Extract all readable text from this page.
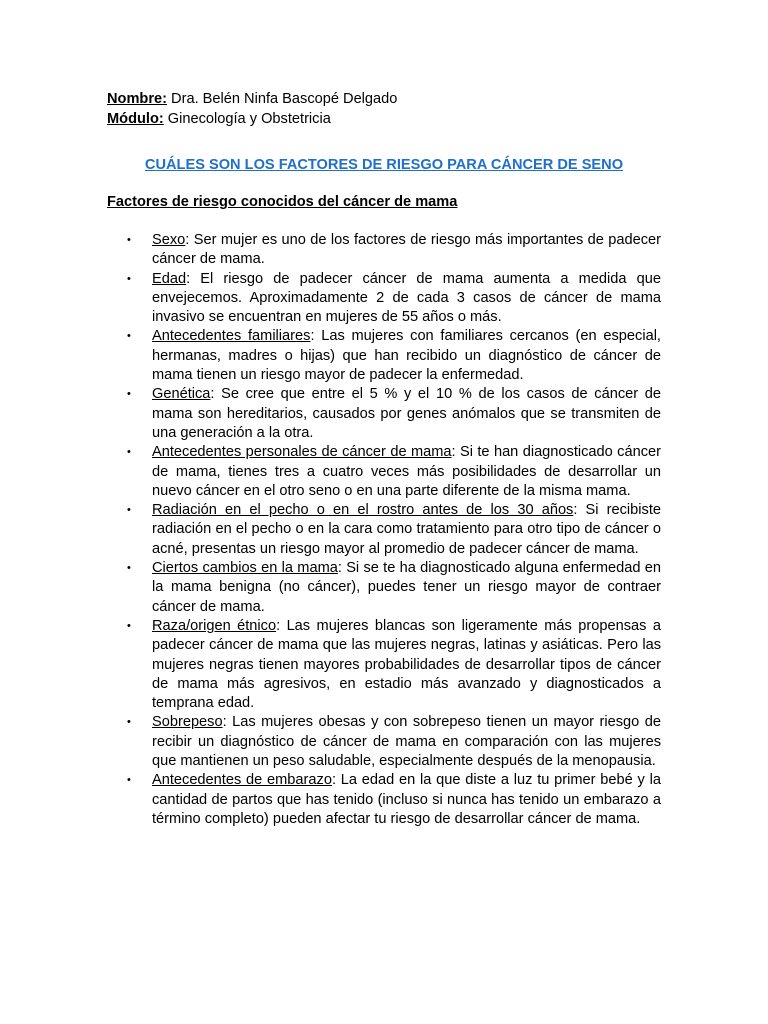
Nombre: Dra. Belén Ninfa Bascopé Delgado

Módulo: Ginecología y Obstetricia

CUÁLES SON LOS FACTORES DE RIESGO PARA CÁNCER DE SENO
Factores de riesgo conocidos del cáncer de mama
• Sexo: Ser mujer es uno de los factores de riesgo más importantes de padecer cáncer de mama.
• Edad: El riesgo de padecer cáncer de mama aumenta a medida que envejecemos. Aproximadamente 2 de cada 3 casos de cáncer de mama invasivo se encuentran en mujeres de 55 años o más.
• Antecedentes familiares: Las mujeres con familiares cercanos (en especial, hermanas, madres o hijas) que han recibido un diagnóstico de cáncer de mama tienen un riesgo mayor de padecer la enfermedad.
• Genética: Se cree que entre el 5 % y el 10 % de los casos de cáncer de mama son hereditarios, causados por genes anómalos que se transmiten de una generación a la otra.
• Antecedentes personales de cáncer de mama: Si te han diagnosticado cáncer de mama, tienes tres a cuatro veces más posibilidades de desarrollar un nuevo cáncer en el otro seno o en una parte diferente de la misma mama.
• Radiación en el pecho o en el rostro antes de los 30 años: Si recibiste radiación en el pecho o en la cara como tratamiento para otro tipo de cáncer o acné, presentas un riesgo mayor al promedio de padecer cáncer de mama.
• Ciertos cambios en la mama: Si se te ha diagnosticado alguna enfermedad en la mama benigna (no cáncer), puedes tener un riesgo mayor de contraer cáncer de mama.
• Raza/origen étnico: Las mujeres blancas son ligeramente más propensas a padecer cáncer de mama que las mujeres negras, latinas y asiáticas. Pero las mujeres negras tienen mayores probabilidades de desarrollar tipos de cáncer de mama más agresivos, en estadio más avanzado y diagnosticados a temprana edad.
• Sobrepeso: Las mujeres obesas y con sobrepeso tienen un mayor riesgo de recibir un diagnóstico de cáncer de mama en comparación con las mujeres que mantienen un peso saludable, especialmente después de la menopausia.
• Antecedentes de embarazo: La edad en la que diste a luz tu primer bebé y la cantidad de partos que has tenido (incluso si nunca has tenido un embarazo a término completo) pueden afectar tu riesgo de desarrollar cáncer de mama.
